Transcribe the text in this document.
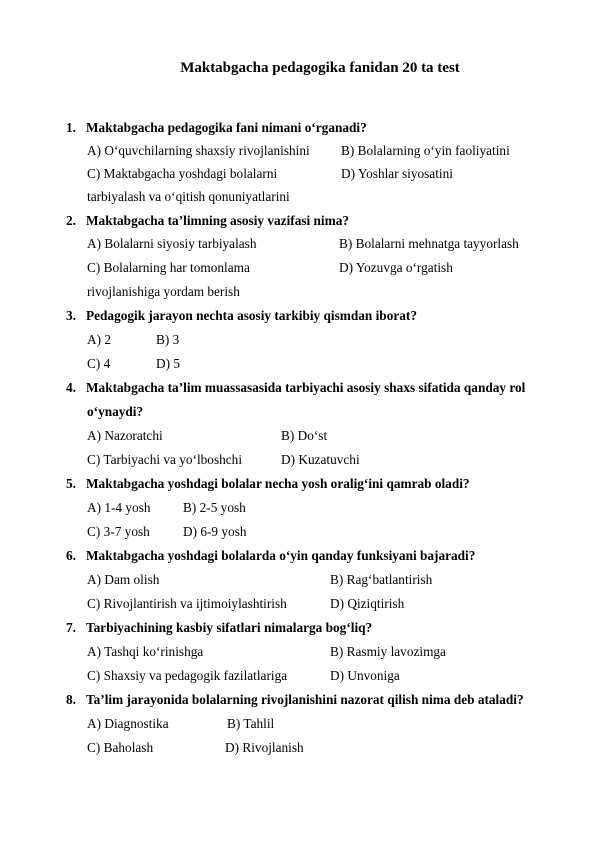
Maktabgacha pedagogika fanidan 20 ta test
1. Maktabgacha pedagogika fani nimani o‘rganadi?
A) O‘quvchilarning shaxsiy rivojlanishini B) Bolalarning o‘yin faoliyatini
C) Maktabgacha yoshdagi bolalarni	D) Yoshlar siyosatini
tarbiyalash va o‘qitish qonuniyatlarini
2. Maktabgacha ta’limning asosiy vazifasi nima?
A) Bolalarni siyosiy tarbiyalash	B) Bolalarni mehnatga tayyorlash
C) Bolalarning har tomonlama	D) Yozuvga o‘rgatish
rivojlanishiga yordam berish
3. Pedagogik jarayon nechta asosiy tarkibiy qismdan iborat?
A) 2	B) 3
C) 4	D) 5
4. Maktabgacha ta’lim muassasasida tarbiyachi asosiy shaxs sifatida qanday rol
o‘ynaydi?
A) Nazoratchi	B) Do‘st
C) Tarbiyachi va yo‘lboshchi	D) Kuzatuvchi
5. Maktabgacha yoshdagi bolalar necha yosh oralig‘ini qamrab oladi?
A) 1-4 yosh B) 2-5 yosh
C) 3-7 yosh D) 6-9 yosh
6. Maktabgacha yoshdagi bolalarda o‘yin qanday funksiyani bajaradi?
A) Dam olish	B) Rag‘batlantirish
C) Rivojlantirish va ijtimoiylashtirish	D) Qiziqtirish
7. Tarbiyachining kasbiy sifatlari nimalarga bog‘liq?
A) Tashqi ko‘rinishga	B) Rasmiy lavozimga
C) Shaxsiy va pedagogik fazilatlariga	D) Unvoniga
8. Ta’lim jarayonida bolalarning rivojlanishini nazorat qilish nima deb ataladi?
A) Diagnostika	B) Tahlil
C) Baholash	D) Rivojlanish
